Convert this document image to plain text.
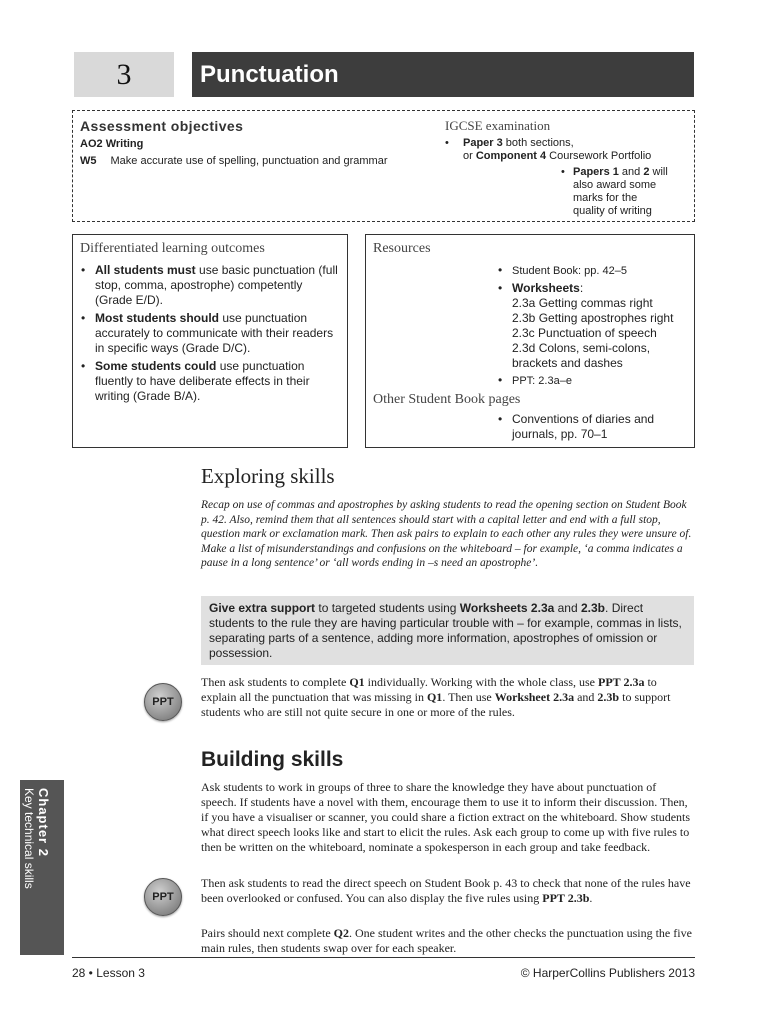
3	Punctuation
Assessment objectives
AO2 Writing
W5 Make accurate use of spelling, punctuation and grammar
IGCSE examination
• Paper 3 both sections,
or Component 4 Coursework Portfolio
• Papers 1 and 2 will
also award some
marks for the
quality of writing
Differentiated learning outcomes
• All students must use basic punctuation (full stop, comma, apostrophe) competently (Grade E/D).
• Most students should use punctuation accurately to communicate with their readers in specific ways (Grade D/C).
• Some students could use punctuation fluently to have deliberate effects in their writing (Grade B/A).
Resources
• Student Book: pp. 42–5
• Worksheets:
2.3a Getting commas right
2.3b Getting apostrophes right
2.3c Punctuation of speech
2.3d Colons, semi-colons,
brackets and dashes
• PPT: 2.3a–e
Other Student Book pages
• Conventions of diaries and
journals, pp. 70–1
Exploring skills
Recap on use of commas and apostrophes by asking students to read the opening section on Student Book p. 42. Also, remind them that all sentences should start with a capital letter and end with a full stop, question mark or exclamation mark. Then ask pairs to explain to each other any rules they were unsure of. Make a list of misunderstandings and confusions on the whiteboard – for example, ‘a comma indicates a pause in a long sentence’ or ‘all words ending in –s need an apostrophe’.
Give extra support to targeted students using Worksheets 2.3a and 2.3b. Direct students to the rule they are having particular trouble with – for example, commas in lists, separating parts of a sentence, adding more information, apostrophes of omission or possession.
PPT
Then ask students to complete Q1 individually. Working with the whole class, use PPT 2.3a to explain all the punctuation that was missing in Q1. Then use Worksheet 2.3a and 2.3b to support students who are still not quite secure in one or more of the rules.
Building skills
Ask students to work in groups of three to share the knowledge they have about punctuation of speech. If students have a novel with them, encourage them to use it to inform their discussion. Then, if you have a visualiser or scanner, you could share a fiction extract on the whiteboard. Show students what direct speech looks like and start to elicit the rules. Ask each group to come up with five rules to then be written on the whiteboard, nominate a spokesperson in each group and take feedback.
PPT
Then ask students to read the direct speech on Student Book p. 43 to check that none of the rules have been overlooked or confused. You can also display the five rules using PPT 2.3b.
Pairs should next complete Q2. One student writes and the other checks the punctuation using the five main rules, then students swap over for each speaker.
Chapter 2
Key technical skills
28 • Lesson 3	© HarperCollins Publishers 2013
